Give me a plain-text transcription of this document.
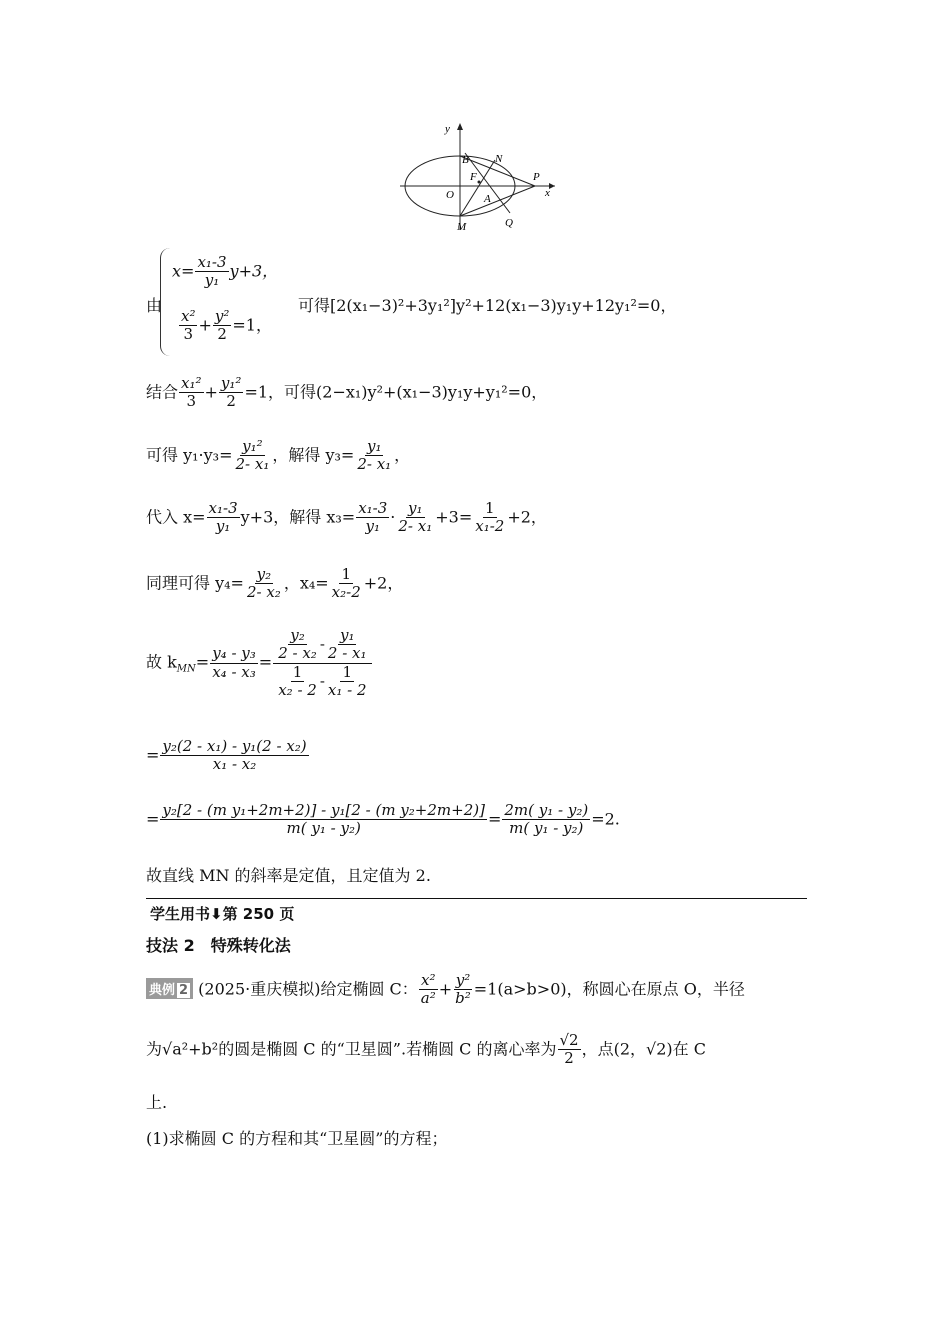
y
x
O
B N
F	P
A
M	Q
由
$x= \frac{\text{x₁-3}}{\text{y₁}} y+3$，
$\frac{\text{x²}}{3} + \frac{\text{y²}}{2} =1$，
可得[2(x₁−3)²+3y₁²]y²+12(x₁−3)y₁y+12y₁²=0，
结合 $\frac{\text{x₁²}}{3} + \frac{\text{y₁²}}{2} =1$，可得(2−x₁)y²+(x₁−3)y₁y+y₁²=0，
可得 $y_1\cdot y_3= \frac{\text{y₁²}}{\text{2- x₁}}$ ，解得 $y_3= \frac{\text{y₁}}{\text{2- x₁}}$ ，
代入 $x= \frac{\text{x₁-3}}{\text{y₁}} y+3$，解得 $x_3= \frac{\text{x₁-3}}{\text{y₁}} \cdot \frac{\text{y₁}}{\text{2- x₁}} +3= \frac{1}{\text{x₁-2}} +2$，
同理可得 $y_4= \frac{\text{y₂}}{\text{2- x₂}}$ ，$x_4= \frac{1}{\text{x₂-2}} +2$，
故 $k_{MN}= \frac{\text{y₄ - y₃}}{\text{x₄ - x₃}} = \frac{\frac{\text{y₂}}{\text{2 - x₂}} - \frac{\text{y₁}}{\text{2 - x₁}}}{\frac{1}{\text{x₂ - 2}} - \frac{1}{\text{x₁ - 2}}}$
= $\frac{\text{y₂(2 - x₁) - y₁(2 - x₂)}}{\text{x₁ - x₂}}$
= $\frac{\text{y₂[2 - (m y₁+2m+2)] - y₁[2 - (m y₂+2m+2)]}}{\text{m( y₁ - y₂)}} = \frac{\text{2m( y₁ - y₂)}}{\text{m( y₁ - y₂)}} =2$.
故直线 MN 的斜率是定值，且定值为 2.
学生用书⬇第 250 页
技法 2　特殊转化法
典例 2 (2025·重庆模拟)给定椭圆 C： $\frac{\text{x²}}{\text{a²}} + \frac{\text{y²}}{\text{b²}} =1(a>b>0)$，称圆心在原点 O，半径
为√a²+b²的圆是椭圆 C 的“卫星圆”.若椭圆 C 的离心率为 $\frac{√2}{2}$ ，点(2，√2)在 C
上.
(1)求椭圆 C 的方程和其“卫星圆”的方程；
